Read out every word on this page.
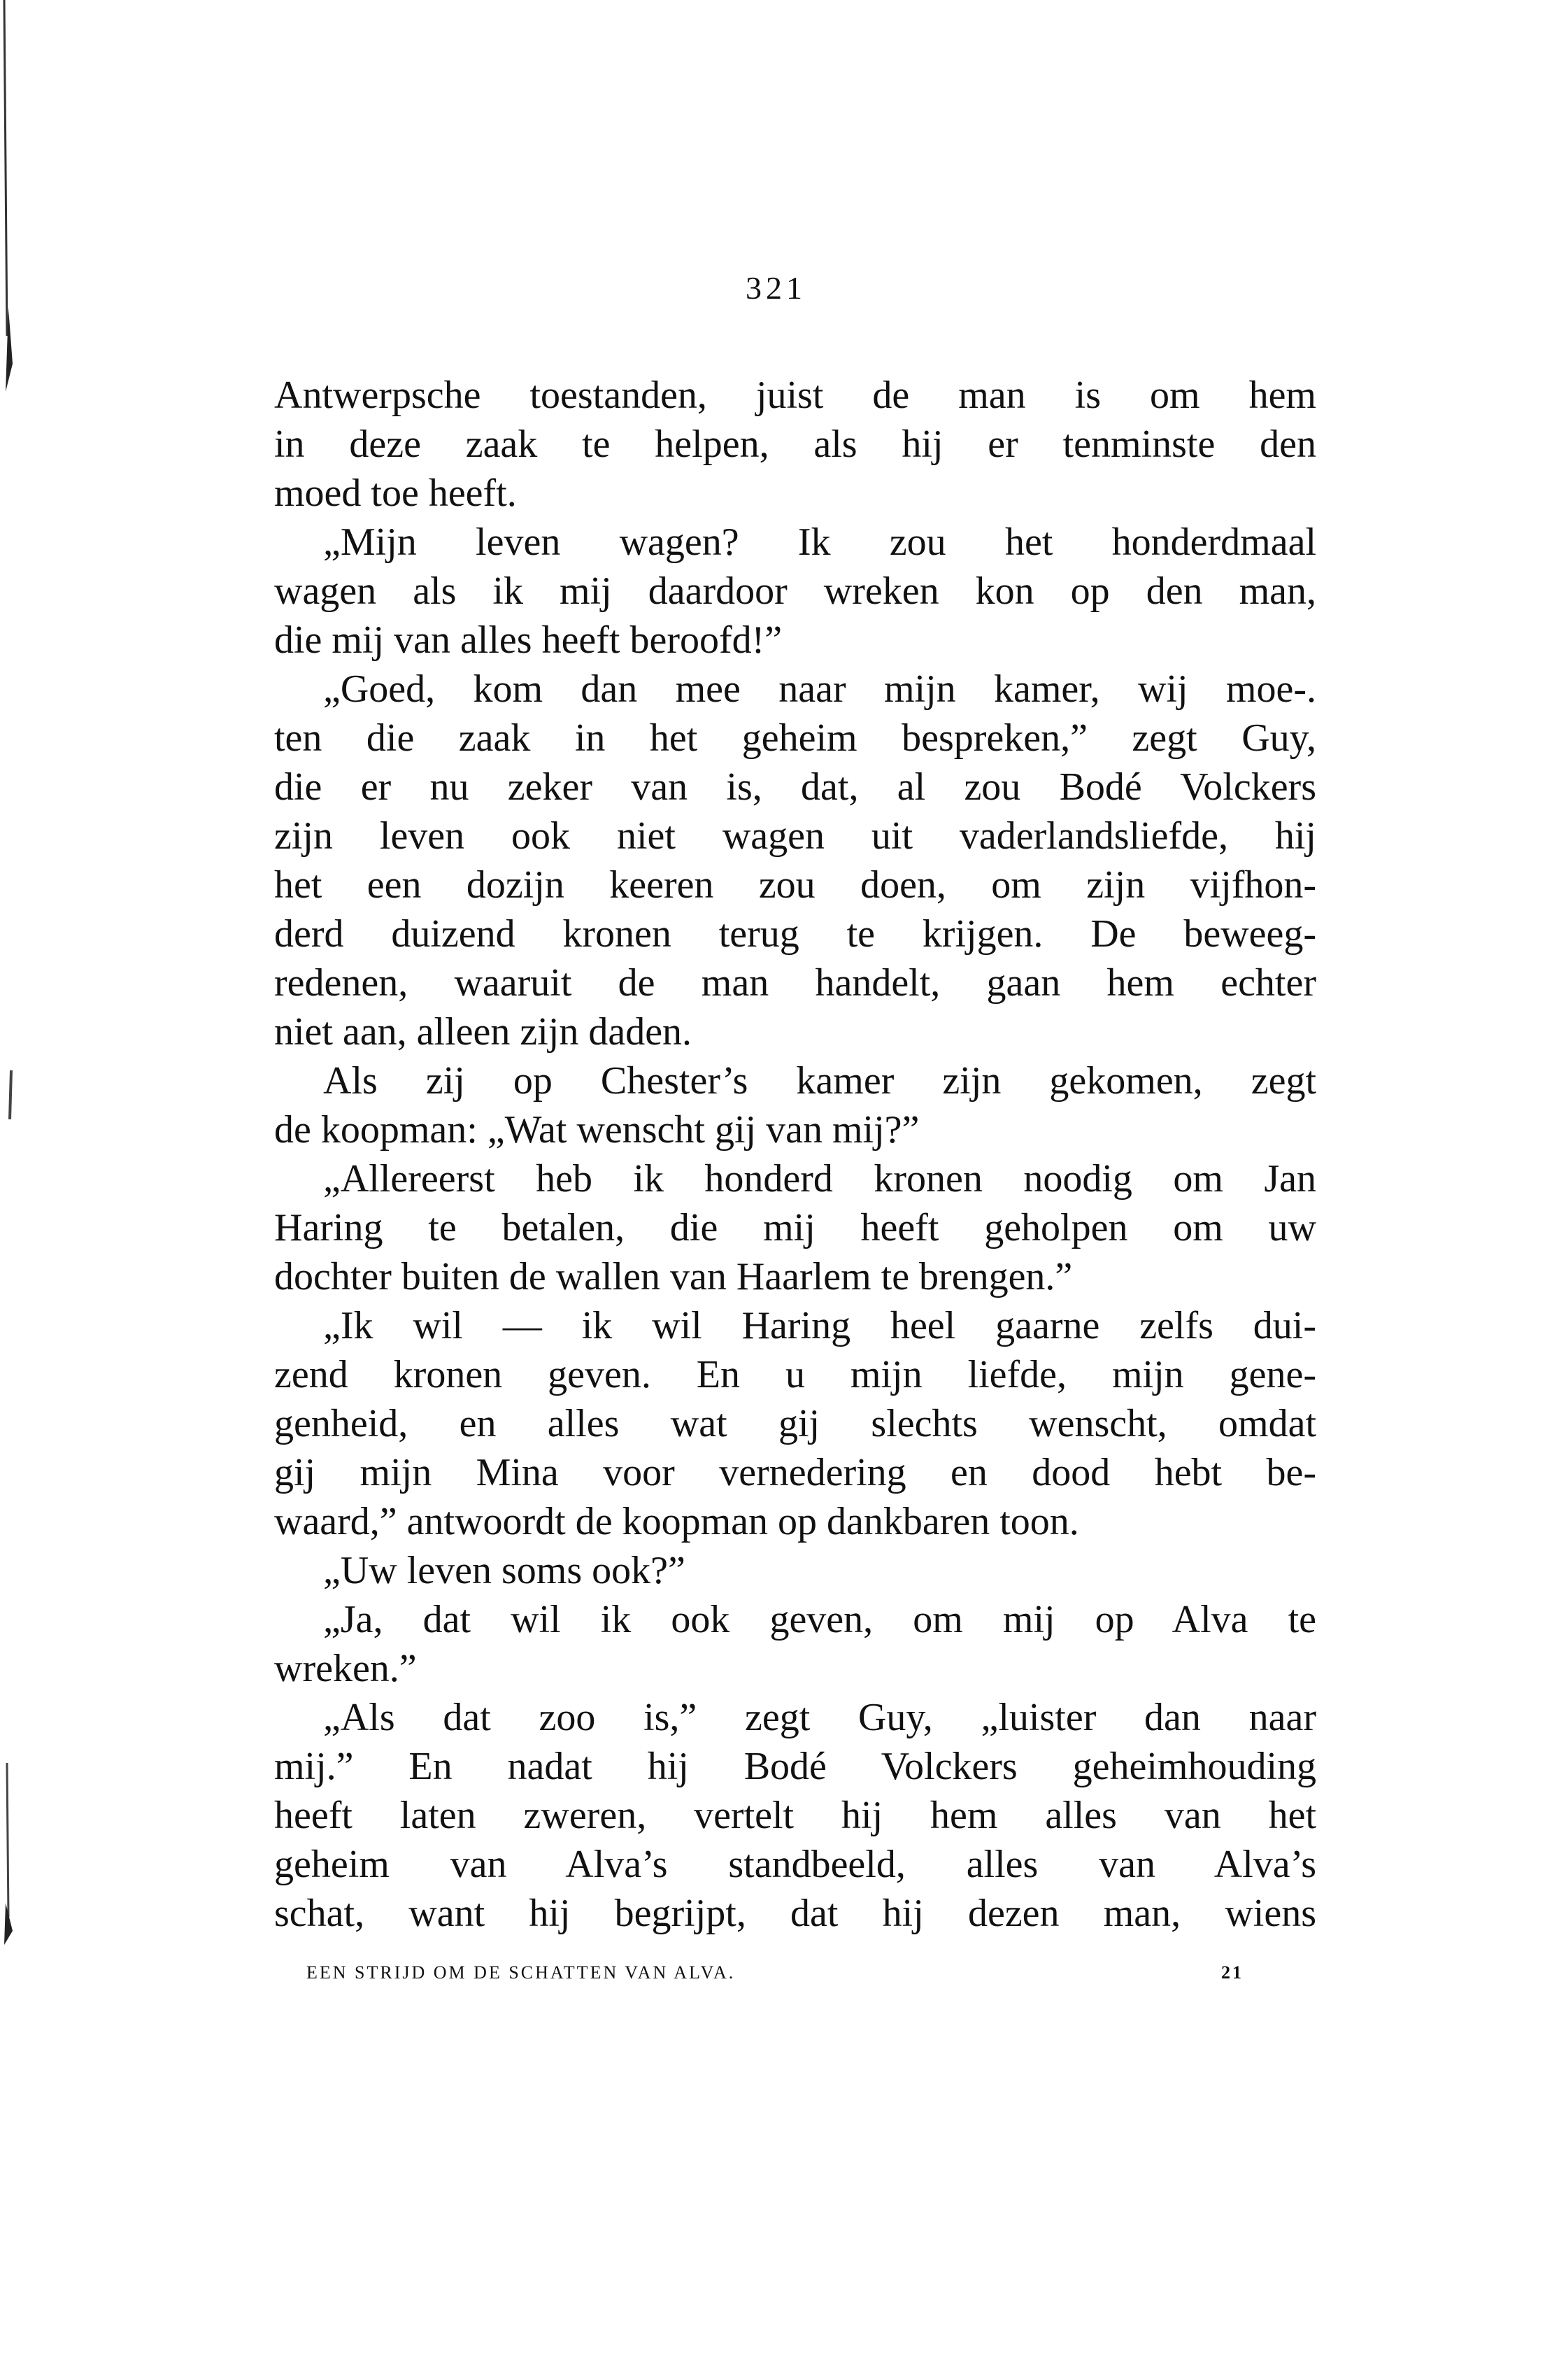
321
Antwerpsche toestanden, juist de man is om hem
in deze zaak te helpen, als hij er tenminste den
moed toe heeft.
„Mijn leven wagen? Ik zou het honderdmaal
wagen als ik mij daardoor wreken kon op den man,
die mij van alles heeft beroofd!”
„Goed, kom dan mee naar mijn kamer, wij moe-.
ten die zaak in het geheim bespreken,” zegt Guy,
die er nu zeker van is, dat, al zou Bodé Volckers
zijn leven ook niet wagen uit vaderlandsliefde, hij
het een dozijn keeren zou doen, om zijn vijfhon-
derd duizend kronen terug te krijgen. De beweeg-
redenen, waaruit de man handelt, gaan hem echter
niet aan, alleen zijn daden.
Als zij op Chester’s kamer zijn gekomen, zegt
de koopman: „Wat wenscht gij van mij?”
„Allereerst heb ik honderd kronen noodig om Jan
Haring te betalen, die mij heeft geholpen om uw
dochter buiten de wallen van Haarlem te brengen.”
„Ik wil — ik wil Haring heel gaarne zelfs dui-
zend kronen geven. En u mijn liefde, mijn gene-
genheid, en alles wat gij slechts wenscht, omdat
gij mijn Mina voor vernedering en dood hebt be-
waard,” antwoordt de koopman op dankbaren toon.
„Uw leven soms ook?”
„Ja, dat wil ik ook geven, om mij op Alva te
wreken.”
„Als dat zoo is,” zegt Guy, „luister dan naar
mij.” En nadat hij Bodé Volckers geheimhouding
heeft laten zweren, vertelt hij hem alles van het
geheim van Alva’s standbeeld, alles van Alva’s
schat, want hij begrijpt, dat hij dezen man, wiens
EEN STRIJD OM DE SCHATTEN VAN ALVA.	21
